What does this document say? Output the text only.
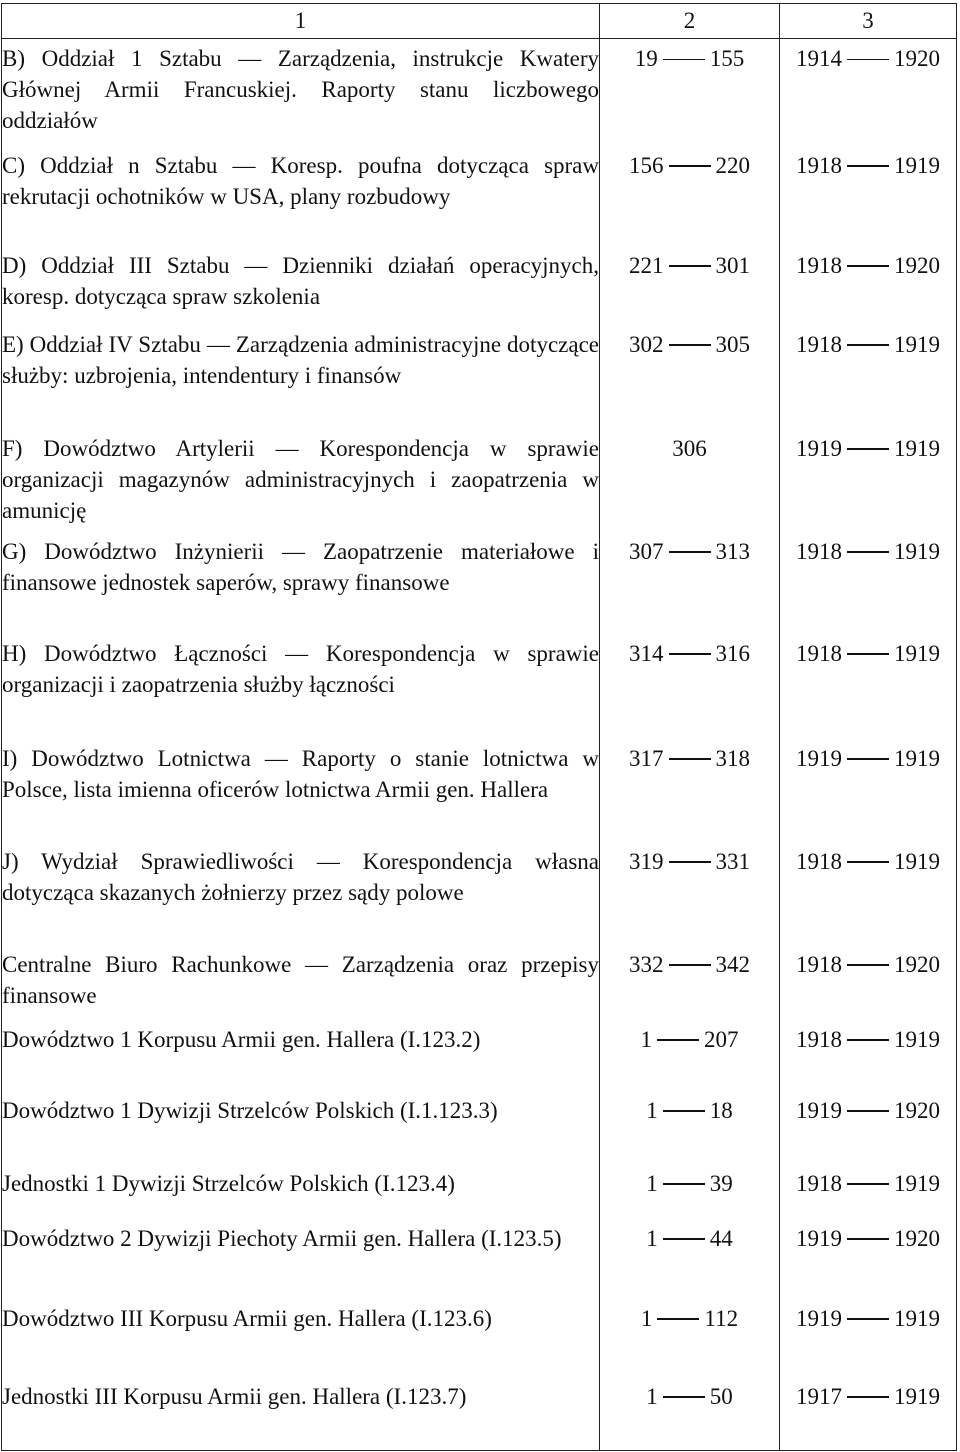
1	2	3
B) Oddział 1 Sztabu — Zarządzenia, instrukcje Kwatery Głównej Armii Francuskiej. Raporty stanu liczbowego oddziałów	19 155	1914 1920
C) Oddział n Sztabu — Koresp. poufna dotycząca spraw rekrutacji ochotników w USA, plany rozbudowy	156 220	1918 1919
D) Oddział III Sztabu — Dzienniki działań operacyjnych, koresp. dotycząca spraw szkolenia	221 301	1918 1920
E) Oddział IV Sztabu — Zarządzenia administracyjne dotyczące służby: uzbrojenia, intendentury i finansów	302 305	1918 1919
F) Dowództwo Artylerii — Korespondencja w sprawie organizacji magazynów administracyjnych i zaopatrzenia w amunicję	306	1919 1919
G) Dowództwo Inżynierii — Zaopatrzenie materiałowe i finansowe jednostek saperów, sprawy finansowe	307 313	1918 1919
H) Dowództwo Łączności — Korespondencja w sprawie organizacji i zaopatrzenia służby łączności	314 316	1918 1919
I) Dowództwo Lotnictwa — Raporty o stanie lotnictwa w Polsce, lista imienna oficerów lotnictwa Armii gen. Hallera	317 318	1919 1919
J) Wydział Sprawiedliwości — Korespondencja własna dotycząca skazanych żołnierzy przez sądy polowe	319 331	1918 1919
Centralne Biuro Rachunkowe — Zarządzenia oraz przepisy finansowe	332 342	1918 1920
Dowództwo 1 Korpusu Armii gen. Hallera (I.123.2)	1 207	1918 1919
Dowództwo 1 Dywizji Strzelców Polskich (I.1.123.3)	1 18	1919 1920
Jednostki 1 Dywizji Strzelców Polskich (I.123.4)	1 39	1918 1919
Dowództwo 2 Dywizji Piechoty Armii gen. Hallera (I.123.5)	1 44	1919 1920
Dowództwo III Korpusu Armii gen. Hallera (I.123.6)	1 112	1919 1919
Jednostki III Korpusu Armii gen. Hallera (I.123.7)	1 50	1917 1919
